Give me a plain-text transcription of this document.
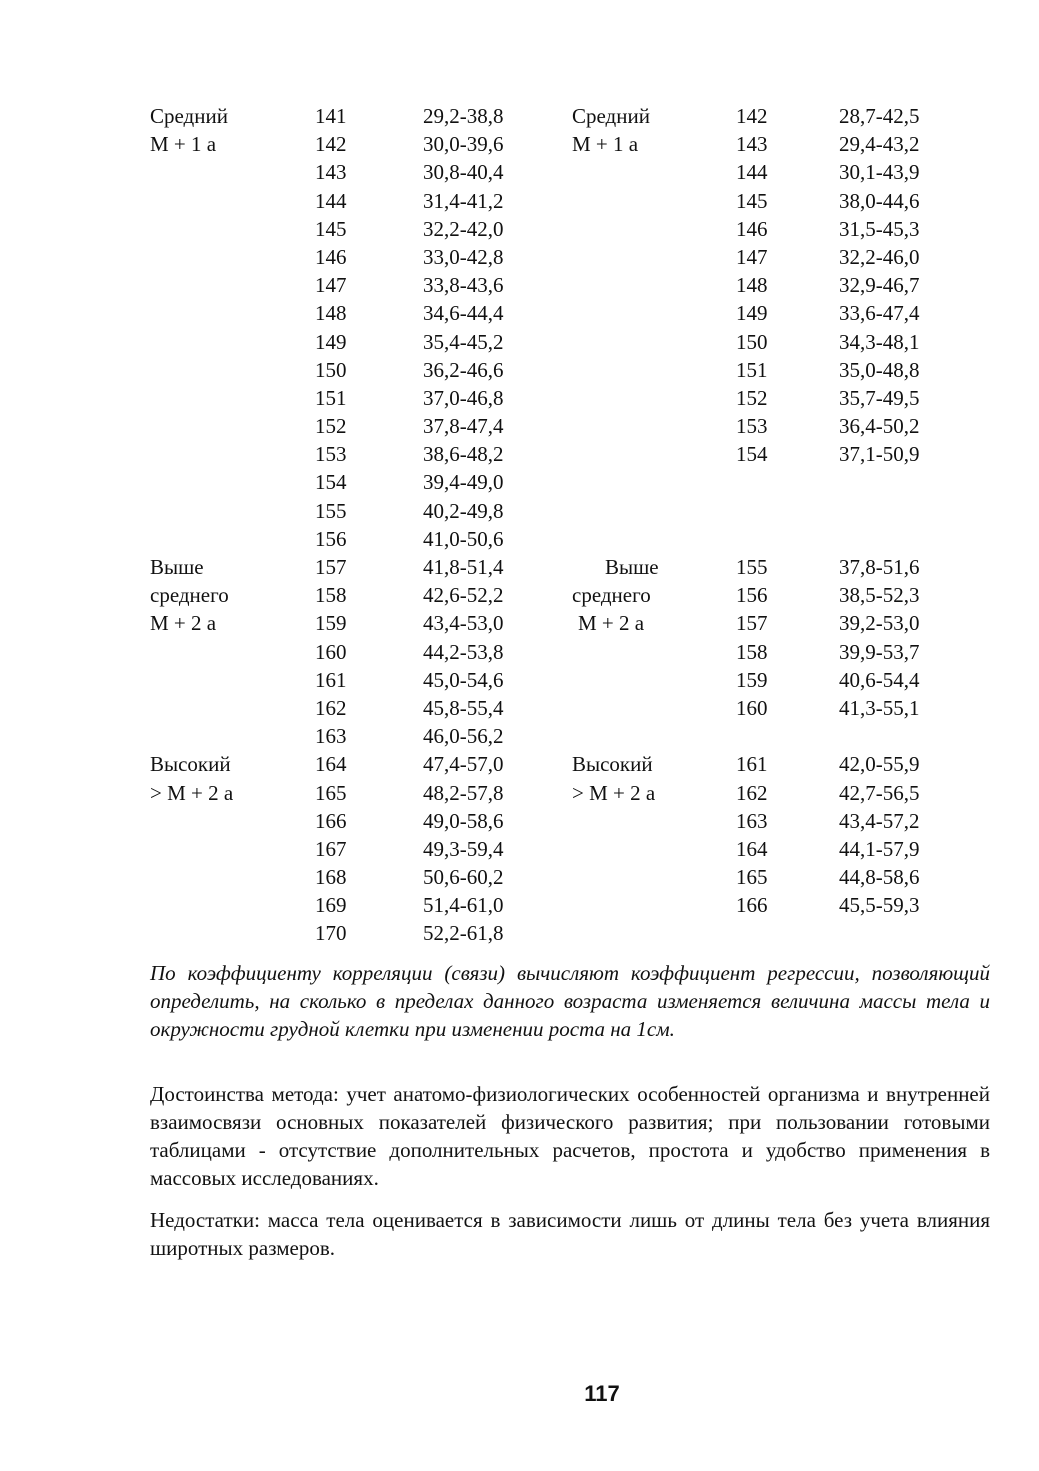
Средний	141	29,2-38,8	Средний	142	28,7-42,5
М + 1 а	142	30,0-39,6	М + 1 а	143	29,4-43,2
143	30,8-40,4	144	30,1-43,9
144	31,4-41,2	145	38,0-44,6
145	32,2-42,0	146	31,5-45,3
146	33,0-42,8	147	32,2-46,0
147	33,8-43,6	148	32,9-46,7
148	34,6-44,4	149	33,6-47,4
149	35,4-45,2	150	34,3-48,1
150	36,2-46,6	151	35,0-48,8
151	37,0-46,8	152	35,7-49,5
152	37,8-47,4	153	36,4-50,2
153	38,6-48,2	154	37,1-50,9
154	39,4-49,0
155	40,2-49,8
156	41,0-50,6
Выше	157	41,8-51,4	Выше	155	37,8-51,6
среднего	158	42,6-52,2	среднего	156	38,5-52,3
М + 2 а	159	43,4-53,0	М + 2 а	157	39,2-53,0
160	44,2-53,8	158	39,9-53,7
161	45,0-54,6	159	40,6-54,4
162	45,8-55,4	160	41,3-55,1
163	46,0-56,2
Высокий	164	47,4-57,0	Высокий	161	42,0-55,9
> М + 2 а	165	48,2-57,8	> М + 2 а	162	42,7-56,5
166	49,0-58,6	163	43,4-57,2
167	49,3-59,4	164	44,1-57,9
168	50,6-60,2	165	44,8-58,6
169	51,4-61,0	166	45,5-59,3
170	52,2-61,8
По коэффициенту корреляции (связи) вычисляют коэффициент регрессии, позволяющий определить, на сколько в пределах данного возраста изменяется величина массы тела и окружности грудной клетки при изменении роста на 1см.
Достоинства метода: учет анатомо-физиологических особенностей организма и внутренней взаимосвязи основных показателей физического развития; при пользовании готовыми таблицами - отсутствие дополнительных расчетов, простота и удобство применения в массовых исследованиях.
Недостатки: масса тела оценивается в зависимости лишь от длины тела без учета влияния широтных размеров.
117
